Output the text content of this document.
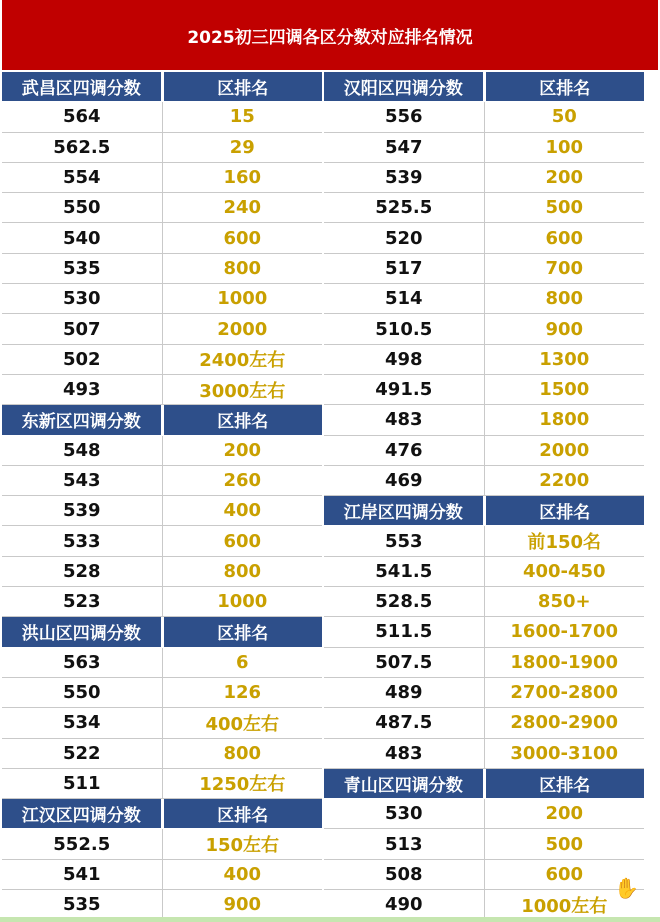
2025初三四调各区分数对应排名情况
武昌区四调分数	区排名
564	15
562.5	29
554	160
550	240
540	600
535	800
530	1000
507	2000
502	2400左右
493	3000左右
东新区四调分数	区排名
548	200
543	260
539	400
533	600
528	800
523	1000
洪山区四调分数	区排名
563	6
550	126
534	400左右
522	800
511	1250左右
江汉区四调分数	区排名
552.5	150左右
541	400
535	900
汉阳区四调分数	区排名
556	50
547	100
539	200
525.5	500
520	600
517	700
514	800
510.5	900
498	1300
491.5	1500
483	1800
476	2000
469	2200
江岸区四调分数	区排名
553	前150名
541.5	400-450
528.5	850+
511.5	1600-1700
507.5	1800-1900
489	2700-2800
487.5	2800-2900
483	3000-3100
青山区四调分数	区排名
530	200
513	500
508	600
490	1000左右
✋
